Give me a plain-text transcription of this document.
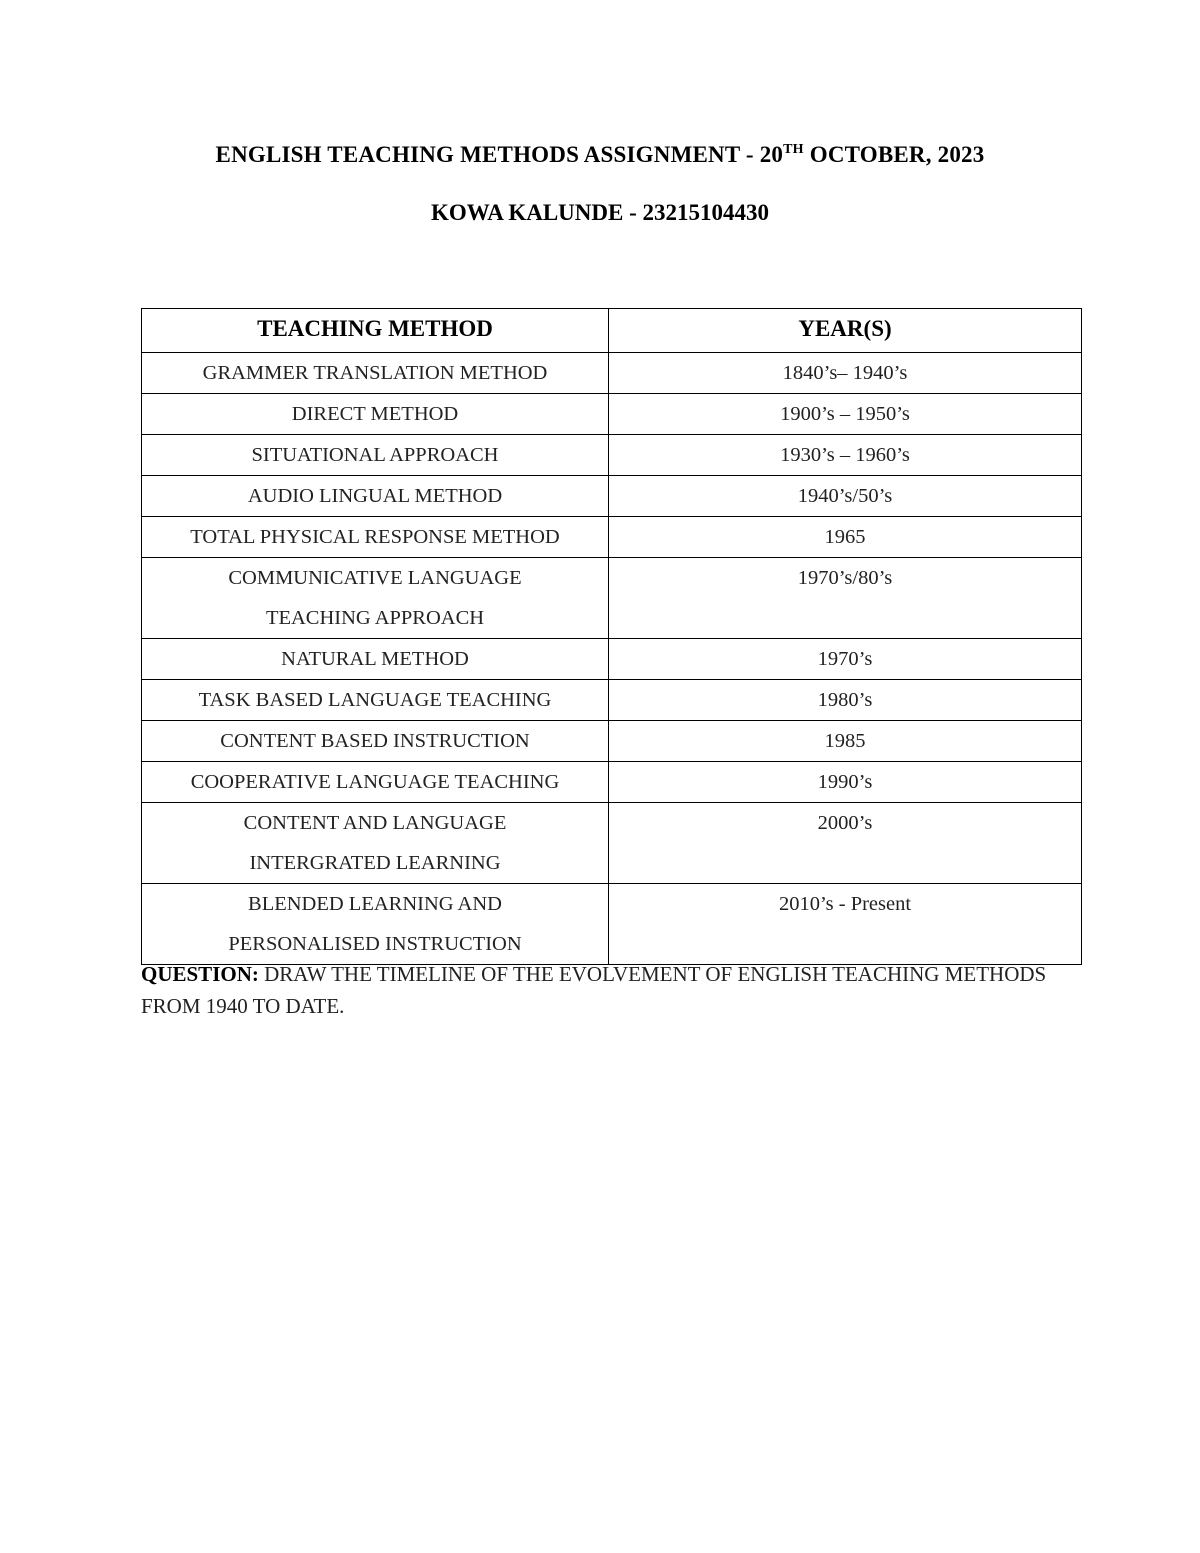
ENGLISH TEACHING METHODS ASSIGNMENT - 20TH OCTOBER, 2023
KOWA KALUNDE - 23215104430
TEACHING METHOD	YEAR(S)

GRAMMER TRANSLATION METHOD	1840’s– 1940’s

DIRECT METHOD	1900’s – 1950’s

SITUATIONAL APPROACH	1930’s – 1960’s

AUDIO LINGUAL METHOD	1940’s/50’s

TOTAL PHYSICAL RESPONSE METHOD	1965

COMMUNICATIVE LANGUAGE
TEACHING APPROACH	1970’s/80’s

NATURAL METHOD	1970’s

TASK BASED LANGUAGE TEACHING	1980’s

CONTENT BASED INSTRUCTION	1985

COOPERATIVE LANGUAGE TEACHING	1990’s

CONTENT AND LANGUAGE
INTERGRATED LEARNING	2000’s

BLENDED LEARNING AND
PERSONALISED INSTRUCTION	2010’s - Present
QUESTION: DRAW THE TIMELINE OF THE EVOLVEMENT OF ENGLISH TEACHING METHODS FROM 1940 TO DATE.
